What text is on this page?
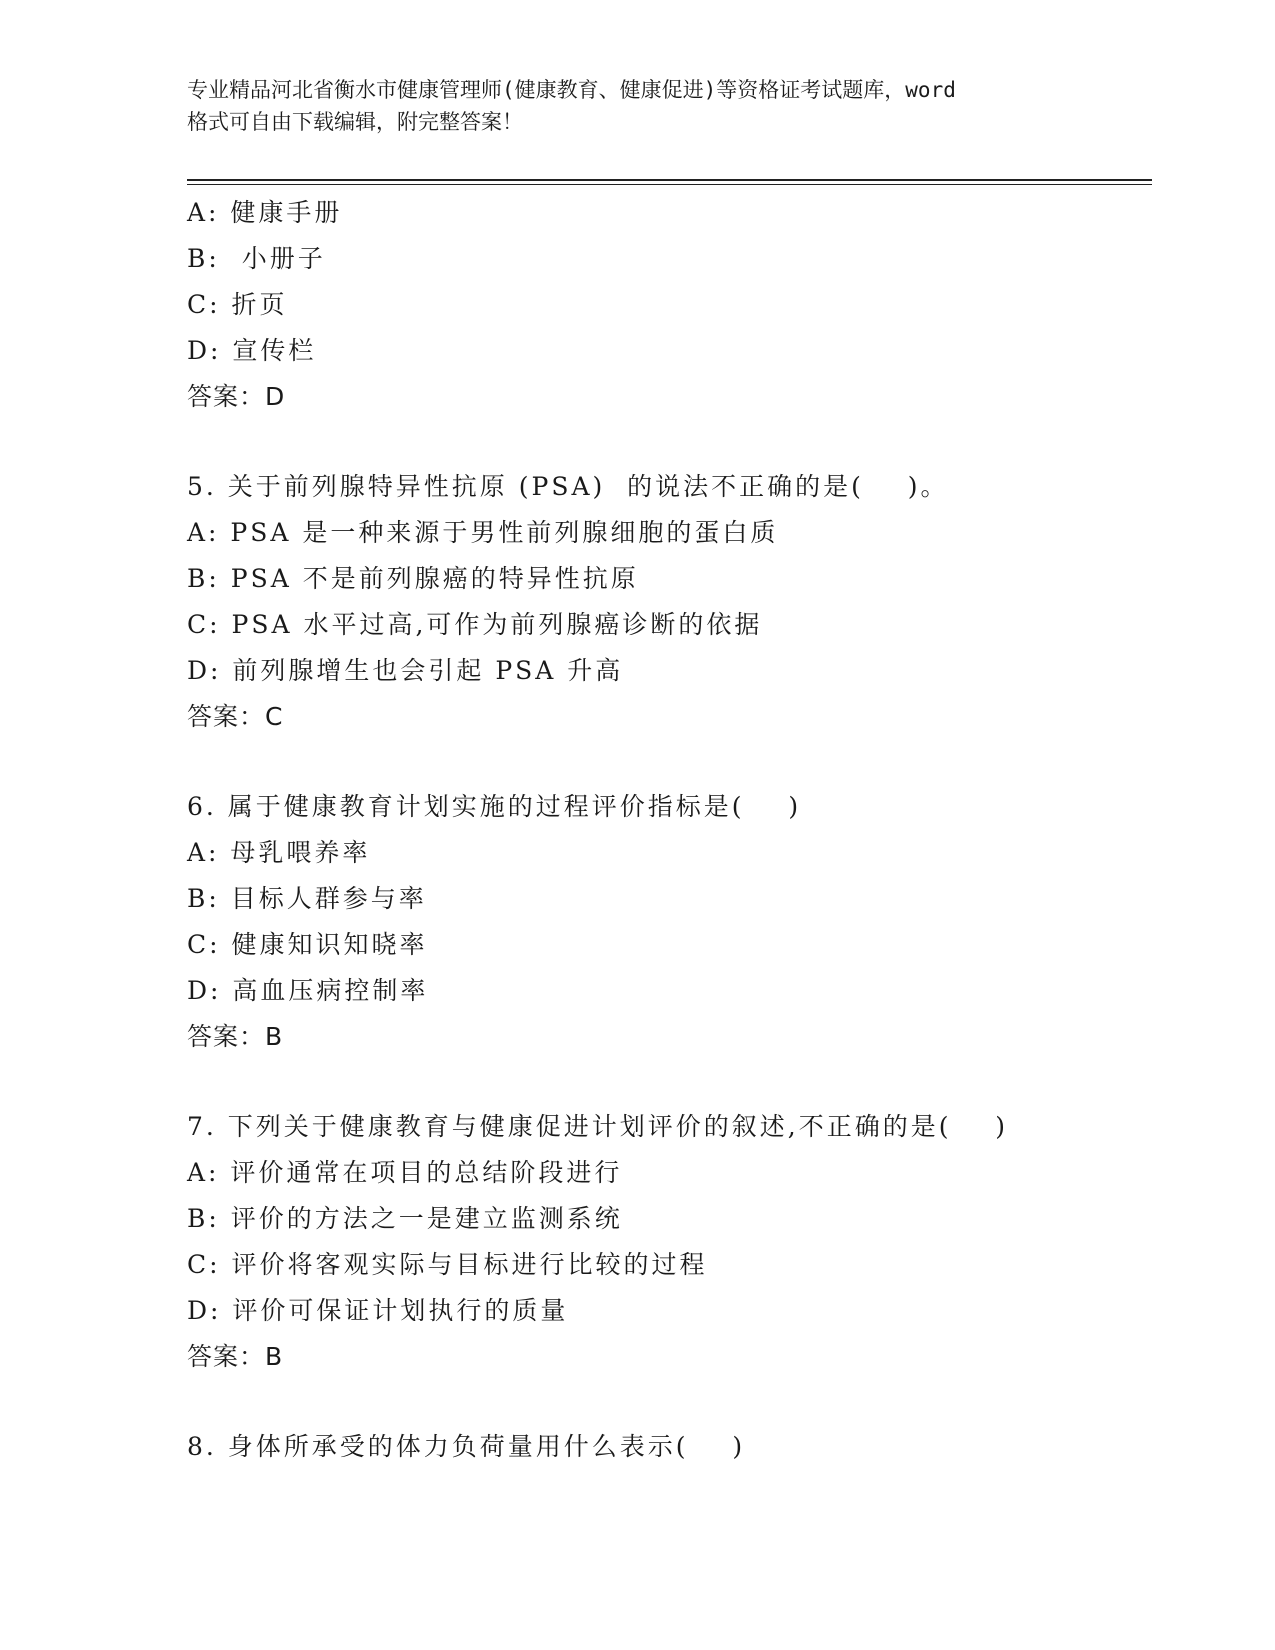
专业精品河北省衡水市健康管理师(健康教育、健康促进)等资格证考试题库，word
格式可自由下载编辑，附完整答案！
A: 健康手册
B:  小册子
C: 折页
D: 宣传栏
答案：D
5. 关于前列腺特异性抗原 (PSA)  的说法不正确的是(    )。
A: PSA 是一种来源于男性前列腺细胞的蛋白质
B: PSA 不是前列腺癌的特异性抗原
C: PSA 水平过高,可作为前列腺癌诊断的依据
D: 前列腺增生也会引起 PSA 升高
答案：C
6. 属于健康教育计划实施的过程评价指标是(    )
A: 母乳喂养率
B: 目标人群参与率
C: 健康知识知晓率
D: 高血压病控制率
答案：B
7. 下列关于健康教育与健康促进计划评价的叙述,不正确的是(    )
A: 评价通常在项目的总结阶段进行
B: 评价的方法之一是建立监测系统
C: 评价将客观实际与目标进行比较的过程
D: 评价可保证计划执行的质量
答案：B
8. 身体所承受的体力负荷量用什么表示(    )
